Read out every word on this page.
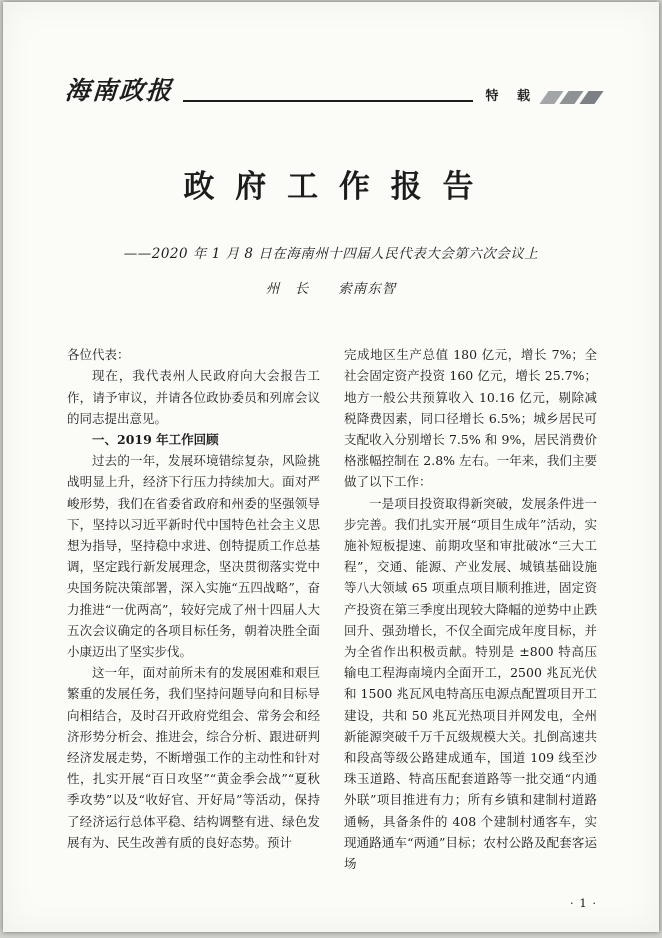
海南政报	特 载
政 府 工 作 报 告
——2020 年 1 月 8 日在海南州十四届人民代表大会第六次会议上
州　长　　索南东智

各位代表：

现在，我代表州人民政府向大会报告工作，请予审议，并请各位政协委员和列席会议的同志提出意见。

一、2019 年工作回顾

过去的一年，发展环境错综复杂，风险挑战明显上升，经济下行压力持续加大。面对严峻形势，我们在省委省政府和州委的坚强领导下，坚持以习近平新时代中国特色社会主义思想为指导，坚持稳中求进、创特提质工作总基调，坚定践行新发展理念，坚决贯彻落实党中央国务院决策部署，深入实施“五四战略”，奋力推进“一优两高”，较好完成了州十四届人大五次会议确定的各项目标任务，朝着决胜全面小康迈出了坚实步伐。

这一年，面对前所未有的发展困难和艰巨繁重的发展任务，我们坚持问题导向和目标导向相结合，及时召开政府党组会、常务会和经济形势分析会、推进会，综合分析、跟进研判经济发展走势，不断增强工作的主动性和针对性，扎实开展“百日攻坚”“黄金季会战”“夏秋季攻势”以及“收好官、开好局”等活动，保持了经济运行总体平稳、结构调整有进、绿色发展有为、民生改善有质的良好态势。预计

完成地区生产总值 180 亿元，增长 7%；全社会固定资产投资 160 亿元，增长 25.7%；地方一般公共预算收入 10.16 亿元，剔除减税降费因素，同口径增长 6.5%；城乡居民可支配收入分别增长 7.5% 和 9%，居民消费价格涨幅控制在 2.8% 左右。一年来，我们主要做了以下工作：

一是项目投资取得新突破，发展条件进一步完善。我们扎实开展“项目生成年”活动，实施补短板提速、前期攻坚和审批破冰“三大工程”，交通、能源、产业发展、城镇基础设施等八大领域 65 项重点项目顺利推进，固定资产投资在第三季度出现较大降幅的逆势中止跌回升、强劲增长，不仅全面完成年度目标，并为全省作出积极贡献。特别是 ±800 特高压输电工程海南境内全面开工，2500 兆瓦光伏和 1500 兆瓦风电特高压电源点配置项目开工建设，共和 50 兆瓦光热项目并网发电，全州新能源突破千万千瓦级规模大关。扎倒高速共和段高等级公路建成通车，国道 109 线至沙珠玉道路、特高压配套道路等一批交通“内通外联”项目推进有力；所有乡镇和建制村道路通畅，具备条件的 408 个建制村通客车，实现通路通车“两通”目标；农村公路及配套客运场

· 1 ·
